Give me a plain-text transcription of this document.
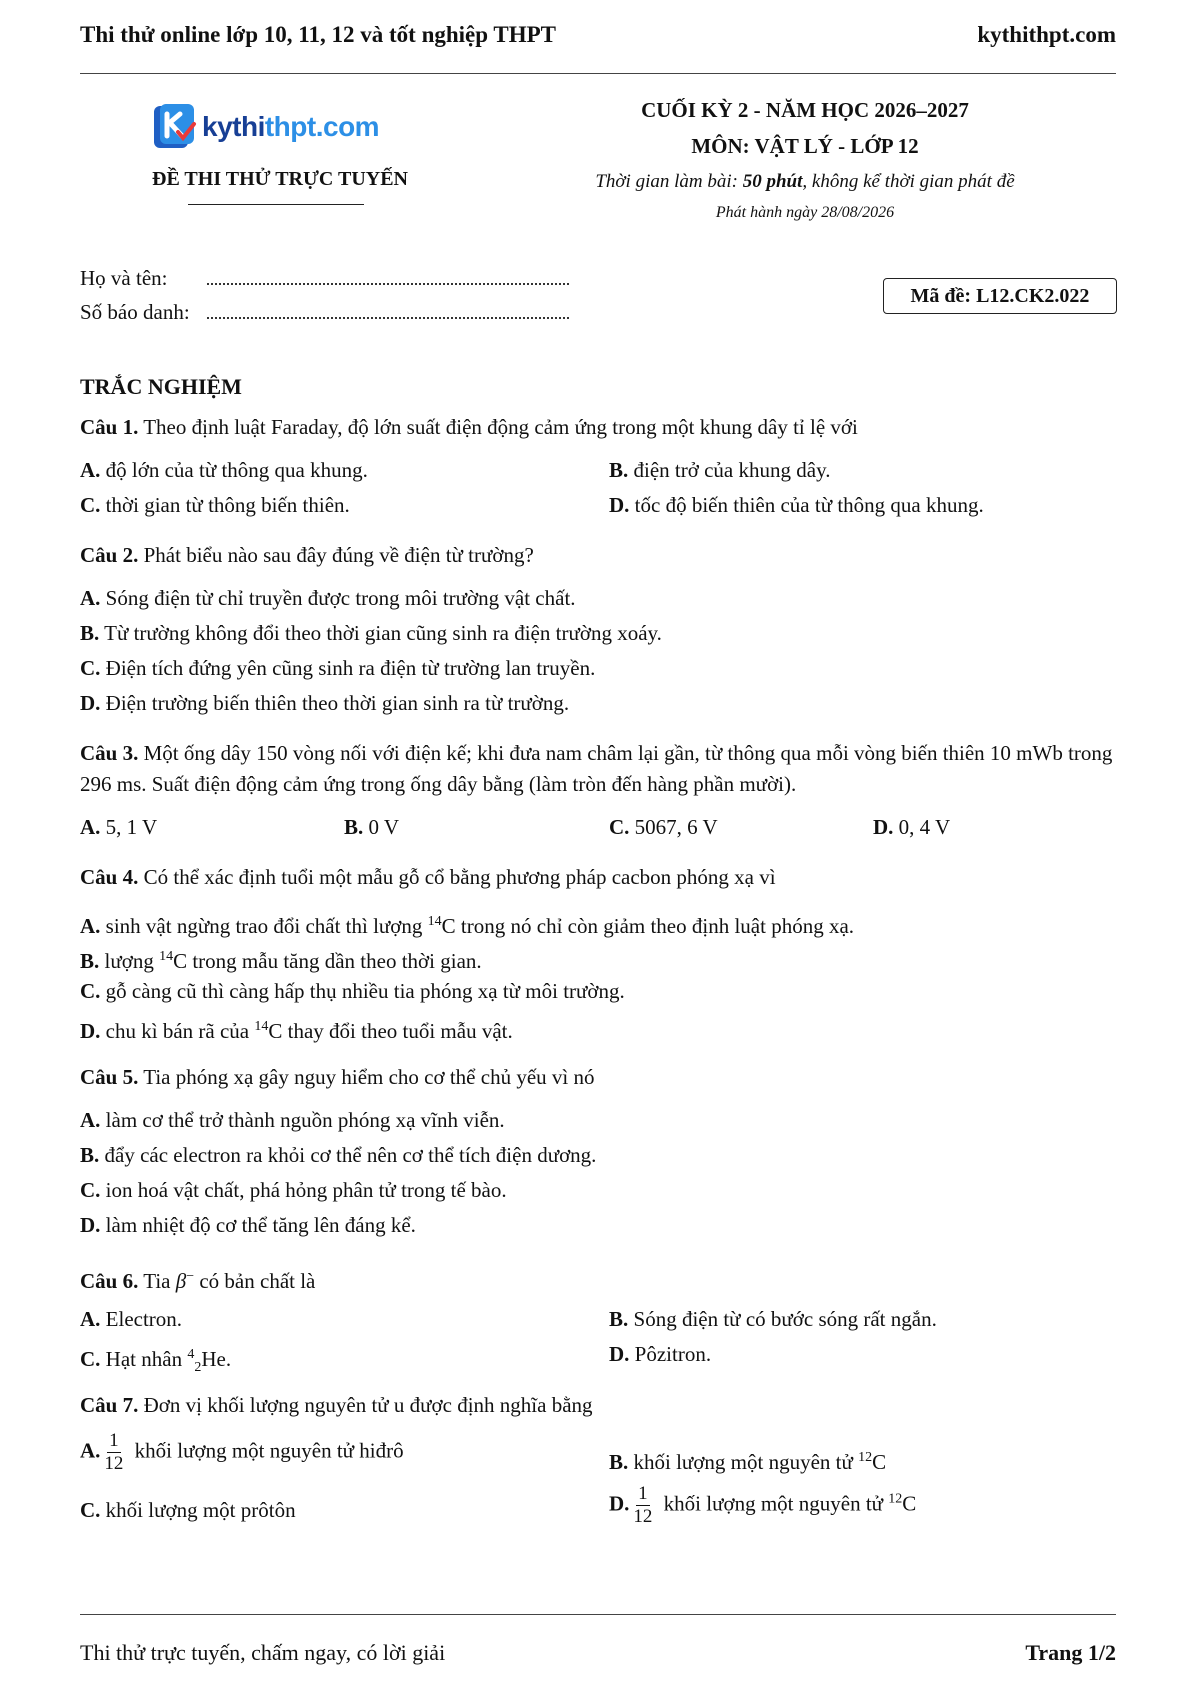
Thi thử online lớp 10, 11, 12 và tốt nghiệp THPT	kythithpt.com
kythithpt.com
ĐỀ THI THỬ TRỰC TUYẾN
CUỐI KỲ 2 - NĂM HỌC 2026–2027
MÔN: VẬT LÝ - LỚP 12
Thời gian làm bài: 50 phút, không kể thời gian phát đề
Phát hành ngày 28/08/2026
Họ và tên:
Số báo danh:
Mã đề: L12.CK2.022
TRẮC NGHIỆM
Câu 1. Theo định luật Faraday, độ lớn suất điện động cảm ứng trong một khung dây tỉ lệ với
A. độ lớn của từ thông qua khung.	B. điện trở của khung dây.
C. thời gian từ thông biến thiên.	D. tốc độ biến thiên của từ thông qua khung.
Câu 2. Phát biểu nào sau đây đúng về điện từ trường?
A. Sóng điện từ chỉ truyền được trong môi trường vật chất.
B. Từ trường không đổi theo thời gian cũng sinh ra điện trường xoáy.
C. Điện tích đứng yên cũng sinh ra điện từ trường lan truyền.
D. Điện trường biến thiên theo thời gian sinh ra từ trường.
Câu 3. Một ống dây 150 vòng nối với điện kế; khi đưa nam châm lại gần, từ thông qua mỗi vòng biến thiên 10 mWb trong 296 ms. Suất điện động cảm ứng trong ống dây bằng (làm tròn đến hàng phần mười).
A. 5, 1 V	B. 0 V	C. 5067, 6 V	D. 0, 4 V
Câu 4. Có thể xác định tuổi một mẫu gỗ cổ bằng phương pháp cacbon phóng xạ vì
A. sinh vật ngừng trao đổi chất thì lượng $^{14}$C trong nó chỉ còn giảm theo định luật phóng xạ.
B. lượng $^{14}$C trong mẫu tăng dần theo thời gian.
C. gỗ càng cũ thì càng hấp thụ nhiều tia phóng xạ từ môi trường.
D. chu kì bán rã của $^{14}$C thay đổi theo tuổi mẫu vật.
Câu 5. Tia phóng xạ gây nguy hiểm cho cơ thể chủ yếu vì nó
A. làm cơ thể trở thành nguồn phóng xạ vĩnh viễn.
B. đẩy các electron ra khỏi cơ thể nên cơ thể tích điện dương.
C. ion hoá vật chất, phá hỏng phân tử trong tế bào.
D. làm nhiệt độ cơ thể tăng lên đáng kể.
Câu 6. Tia β− có bản chất là
A. Electron.	B. Sóng điện từ có bước sóng rất ngắn.
C. Hạt nhân $^4_2$He.	D. Pôzitron.
Câu 7. Đơn vị khối lượng nguyên tử u được định nghĩa bằng
A. $\frac{1}{12}$ khối lượng một nguyên tử hiđrô	B. khối lượng một nguyên tử $^{12}$C
C. khối lượng một prôtôn	D. $\frac{1}{12}$ khối lượng một nguyên tử $^{12}$C
Thi thử trực tuyến, chấm ngay, có lời giải	Trang 1/2
